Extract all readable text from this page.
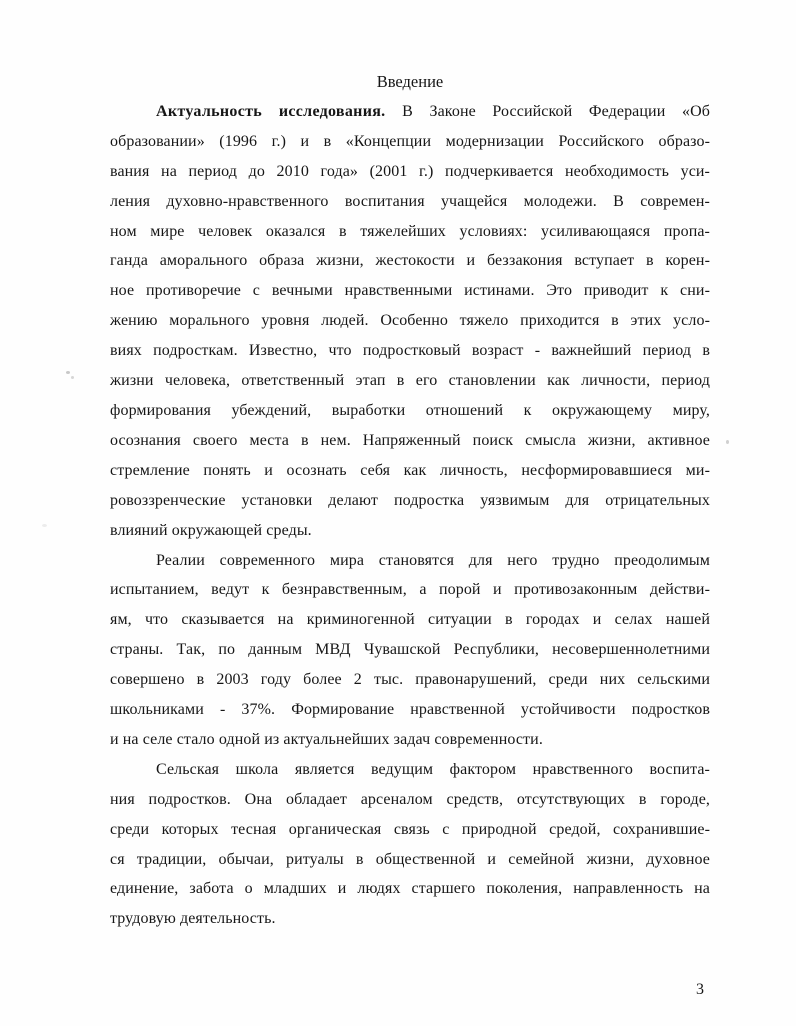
Введение
Актуальность исследования. В Законе Российской Федерации «Об
образовании» (1996 г.) и в «Концепции модернизации Российского образо-
вания на период до 2010 года» (2001 г.) подчеркивается необходимость уси-
ления духовно-нравственного воспитания учащейся молодежи. В современ-
ном мире человек оказался в тяжелейших условиях: усиливающаяся пропа-
ганда аморального образа жизни, жестокости и беззакония вступает в корен-
ное противоречие с вечными нравственными истинами. Это приводит к сни-
жению морального уровня людей. Особенно тяжело приходится в этих усло-
виях подросткам. Известно, что подростковый возраст - важнейший период в
жизни человека, ответственный этап в его становлении как личности, период
формирования убеждений, выработки отношений к окружающему миру,
осознания своего места в нем. Напряженный поиск смысла жизни, активное
стремление понять и осознать себя как личность, несформировавшиеся ми-
ровоззренческие установки делают подростка уязвимым для отрицательных
влияний окружающей среды.
Реалии современного мира становятся для него трудно преодолимым
испытанием, ведут к безнравственным, а порой и противозаконным действи-
ям, что сказывается на криминогенной ситуации в городах и селах нашей
страны. Так, по данным МВД Чувашской Республики, несовершеннолетними
совершено в 2003 году более 2 тыс. правонарушений, среди них сельскими
школьниками - 37%. Формирование нравственной устойчивости подростков
и на селе стало одной из актуальнейших задач современности.
Сельская школа является ведущим фактором нравственного воспита-
ния подростков. Она обладает арсеналом средств, отсутствующих в городе,
среди которых тесная органическая связь с природной средой, сохранившие-
ся традиции, обычаи, ритуалы в общественной и семейной жизни, духовное
единение, забота о младших и людях старшего поколения, направленность на
трудовую деятельность.
3
